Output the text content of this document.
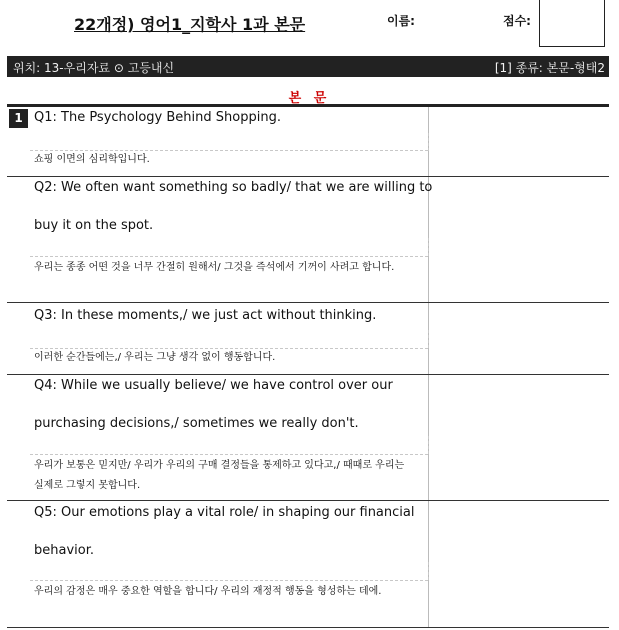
22개정) 영어1_지학사 1과 본문	이름:	점수:
위치: 13-우리자료 ⊙ 고등내신	[1] 종류: 본문-형태2
본 문
1 Q1: The Psychology Behind Shopping.
쇼핑 이면의 심리학입니다.
Q2: We often want something so badly/ that we are willing to
buy it on the spot.
우리는 종종 어떤 것을 너무 간절히 원해서/ 그것을 즉석에서 기꺼이 사려고 합니다.
Q3: In these moments,/ we just act without thinking.
이러한 순간들에는,/ 우리는 그냥 생각 없이 행동합니다.
Q4: While we usually believe/ we have control over our
purchasing decisions,/ sometimes we really don't.
우리가 보통은 믿지만/ 우리가 우리의 구매 결정들을 통제하고 있다고,/ 때때로 우리는 실제로 그렇지 못합니다.
Q5: Our emotions play a vital role/ in shaping our financial
behavior.
우리의 감정은 매우 중요한 역할을 합니다/ 우리의 재정적 행동을 형성하는 데에.
